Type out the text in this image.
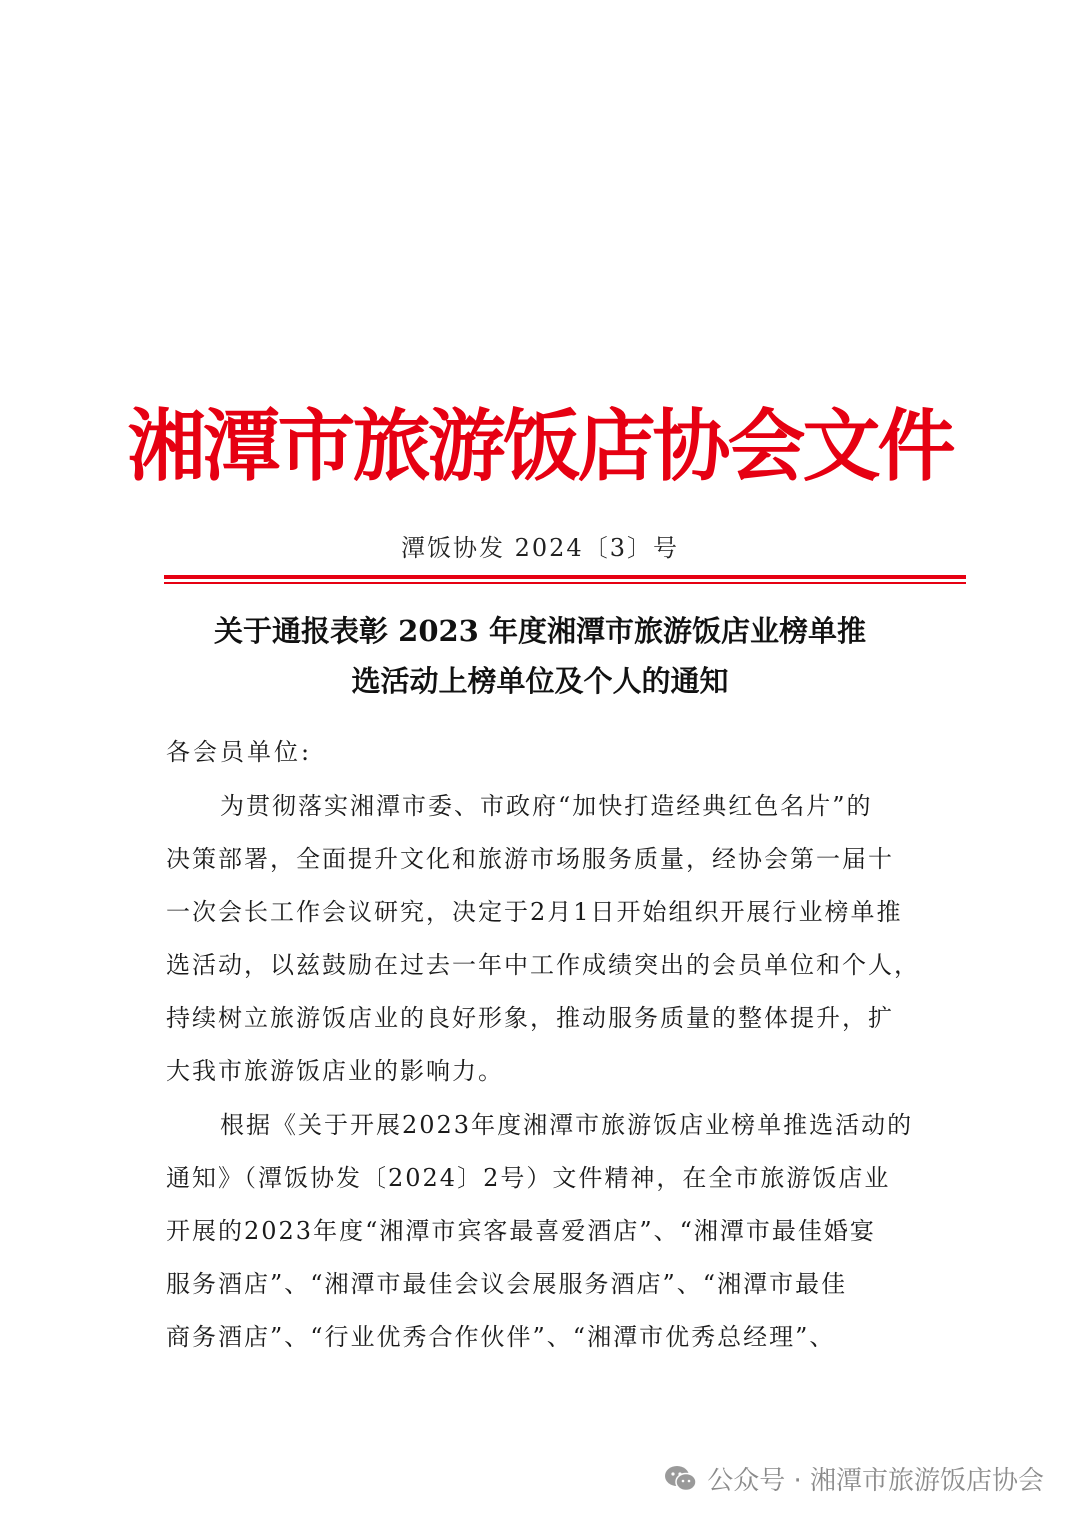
湘潭市旅游饭店协会文件
潭饭协发 2024〔3〕号
关于通报表彰 2023 年度湘潭市旅游饭店业榜单推
选活动上榜单位及个人的通知
各会员单位:
为贯彻落实湘潭市委、市政府“加快打造经典红色名片”的
决策部署，全面提升文化和旅游市场服务质量，经协会第一届十
一次会长工作会议研究，决定于2月1日开始组织开展行业榜单推
选活动，以兹鼓励在过去一年中工作成绩突出的会员单位和个人，
持续树立旅游饭店业的良好形象，推动服务质量的整体提升，扩
大我市旅游饭店业的影响力。
根据《关于开展2023年度湘潭市旅游饭店业榜单推选活动的
通知》（潭饭协发〔2024〕2号）文件精神，在全市旅游饭店业
开展的2023年度“湘潭市宾客最喜爱酒店”、“湘潭市最佳婚宴
服务酒店”、“湘潭市最佳会议会展服务酒店”、“湘潭市最佳
商务酒店”、“行业优秀合作伙伴”、“湘潭市优秀总经理”、
公众号 · 湘潭市旅游饭店协会
